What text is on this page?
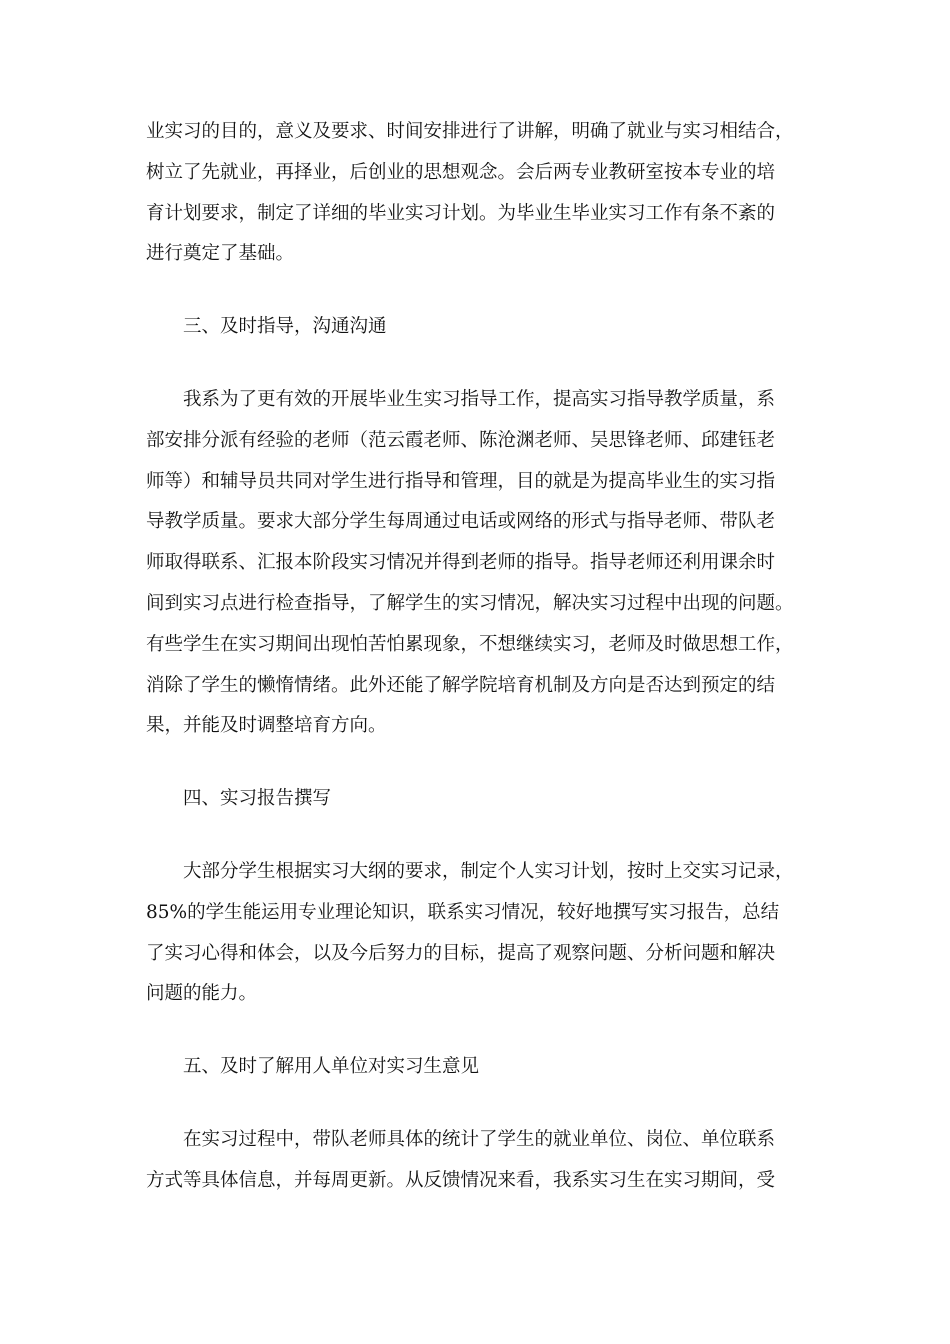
业实习的目的，意义及要求、时间安排进行了讲解，明确了就业与实习相结合，
树立了先就业，再择业，后创业的思想观念。会后两专业教研室按本专业的培
育计划要求，制定了详细的毕业实习计划。为毕业生毕业实习工作有条不紊的
进行奠定了基础。
三、及时指导，沟通沟通
我系为了更有效的开展毕业生实习指导工作，提高实习指导教学质量，系
部安排分派有经验的老师（范云霞老师、陈沧渊老师、吴思锋老师、邱建钰老
师等）和辅导员共同对学生进行指导和管理，目的就是为提高毕业生的实习指
导教学质量。要求大部分学生每周通过电话或网络的形式与指导老师、带队老
师取得联系、汇报本阶段实习情况并得到老师的指导。指导老师还利用课余时
间到实习点进行检查指导，了解学生的实习情况，解决实习过程中出现的问题。
有些学生在实习期间出现怕苦怕累现象，不想继续实习，老师及时做思想工作，
消除了学生的懒惰情绪。此外还能了解学院培育机制及方向是否达到预定的结
果，并能及时调整培育方向。
四、实习报告撰写
大部分学生根据实习大纲的要求，制定个人实习计划，按时上交实习记录，
85%的学生能运用专业理论知识，联系实习情况，较好地撰写实习报告，总结
了实习心得和体会，以及今后努力的目标，提高了观察问题、分析问题和解决
问题的能力。
五、及时了解用人单位对实习生意见
在实习过程中，带队老师具体的统计了学生的就业单位、岗位、单位联系
方式等具体信息，并每周更新。从反馈情况来看，我系实习生在实习期间，受
